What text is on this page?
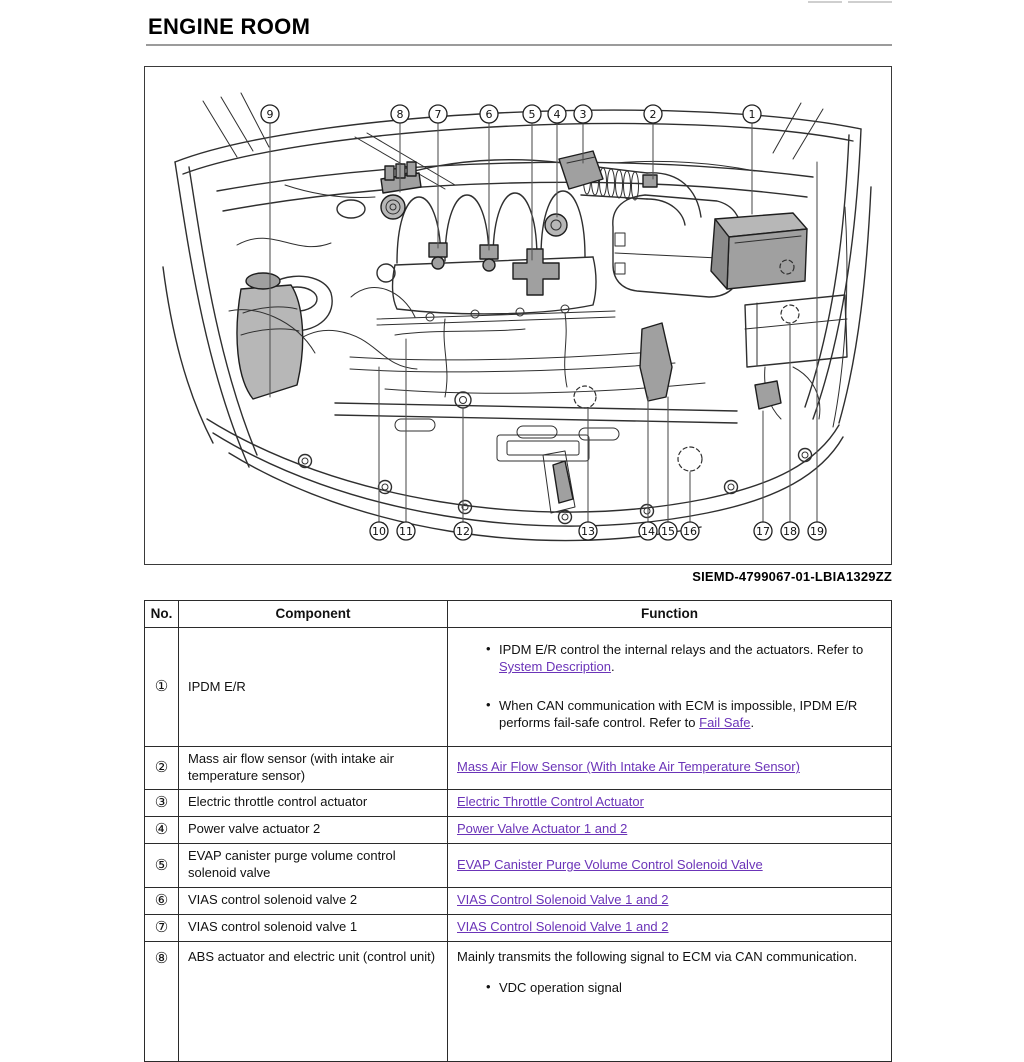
ENGINE ROOM
9	8	7	6	5 4 3	2	1
10 11	12	13	14 15 16	17 18 19
SIEMD-4799067-01-LBIA1329ZZ
No.	Component	Function
①	IPDM E/R	
• IPDM E/R control the internal relays and the actuators. Refer to System Description.
• When CAN communication with ECM is impossible, IPDM E/R performs fail-safe control. Refer to Fail Safe.

②	Mass air flow sensor (with intake air temperature sensor)	Mass Air Flow Sensor (With Intake Air Temperature Sensor)
③	Electric throttle control actuator	Electric Throttle Control Actuator
④	Power valve actuator 2	Power Valve Actuator 1 and 2
⑤	EVAP canister purge volume control solenoid valve	EVAP Canister Purge Volume Control Solenoid Valve
⑥	VIAS control solenoid valve 2	VIAS Control Solenoid Valve 1 and 2
⑦	VIAS control solenoid valve 1	VIAS Control Solenoid Valve 1 and 2
⑧	ABS actuator and electric unit (control unit)	Mainly transmits the following signal to ECM via CAN communication.
• VDC operation signal
